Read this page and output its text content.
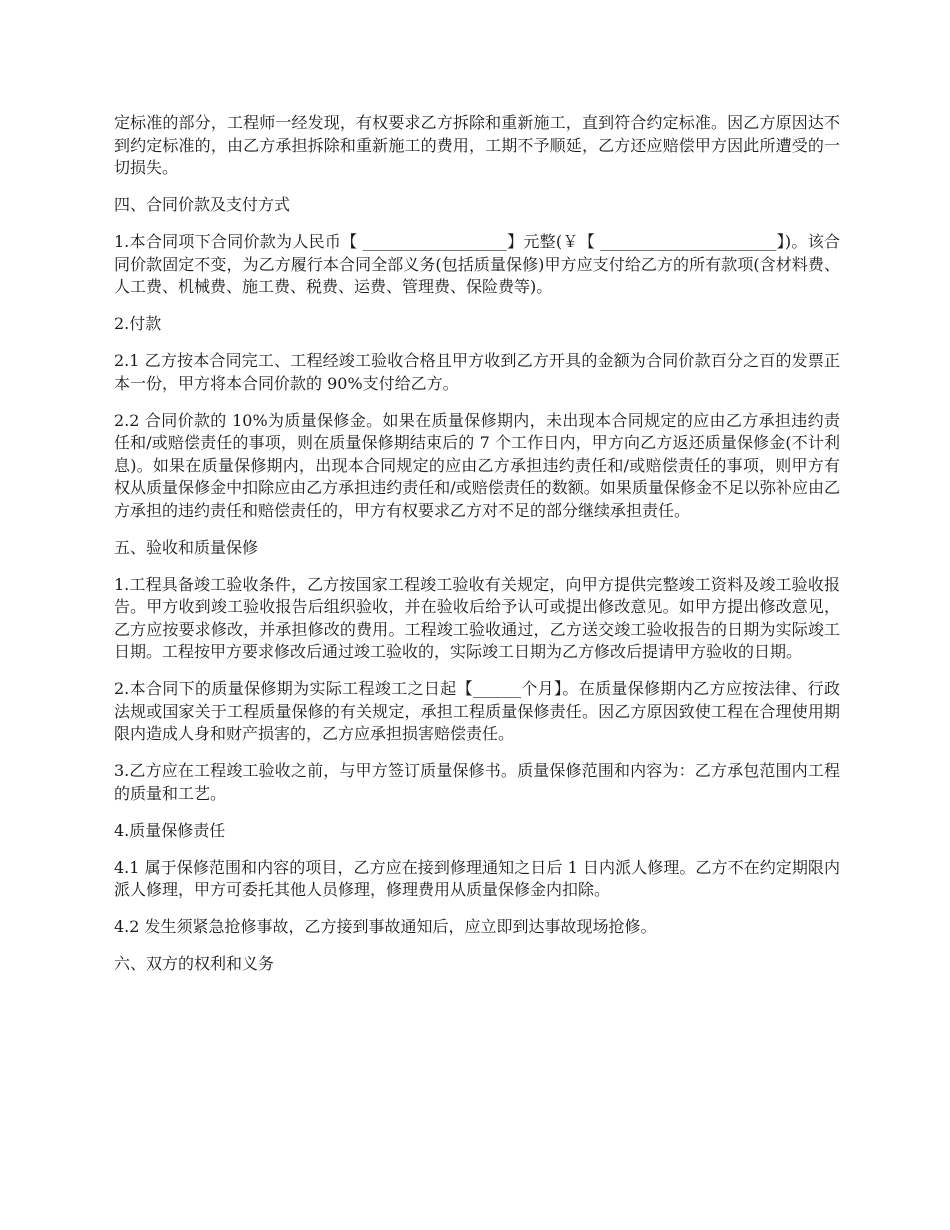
定标准的部分，工程师一经发现，有权要求乙方拆除和重新施工，直到符合约定标准。因乙方原因达不到约定标准的，由乙方承担拆除和重新施工的费用，工期不予顺延，乙方还应赔偿甲方因此所遭受的一切损失。

四、合同价款及支付方式

1.本合同项下合同价款为人民币【 __________________】元整(￥【 ______________________】)。该合同价款固定不变，为乙方履行本合同全部义务(包括质量保修)甲方应支付给乙方的所有款项(含材料费、人工费、机械费、施工费、税费、运费、管理费、保险费等)。

2.付款

2.1 乙方按本合同完工、工程经竣工验收合格且甲方收到乙方开具的金额为合同价款百分之百的发票正本一份，甲方将本合同价款的 90%支付给乙方。

2.2 合同价款的 10%为质量保修金。如果在质量保修期内，未出现本合同规定的应由乙方承担违约责任和/或赔偿责任的事项，则在质量保修期结束后的 7 个工作日内，甲方向乙方返还质量保修金(不计利息)。如果在质量保修期内，出现本合同规定的应由乙方承担违约责任和/或赔偿责任的事项，则甲方有权从质量保修金中扣除应由乙方承担违约责任和/或赔偿责任的数额。如果质量保修金不足以弥补应由乙方承担的违约责任和赔偿责任的，甲方有权要求乙方对不足的部分继续承担责任。

五、验收和质量保修

1.工程具备竣工验收条件，乙方按国家工程竣工验收有关规定，向甲方提供完整竣工资料及竣工验收报告。甲方收到竣工验收报告后组织验收，并在验收后给予认可或提出修改意见。如甲方提出修改意见，乙方应按要求修改，并承担修改的费用。工程竣工验收通过，乙方送交竣工验收报告的日期为实际竣工日期。工程按甲方要求修改后通过竣工验收的，实际竣工日期为乙方修改后提请甲方验收的日期。

2.本合同下的质量保修期为实际工程竣工之日起【______个月】。在质量保修期内乙方应按法律、行政法规或国家关于工程质量保修的有关规定，承担工程质量保修责任。因乙方原因致使工程在合理使用期限内造成人身和财产损害的，乙方应承担损害赔偿责任。

3.乙方应在工程竣工验收之前，与甲方签订质量保修书。质量保修范围和内容为：乙方承包范围内工程的质量和工艺。

4.质量保修责任

4.1 属于保修范围和内容的项目，乙方应在接到修理通知之日后 1 日内派人修理。乙方不在约定期限内派人修理，甲方可委托其他人员修理，修理费用从质量保修金内扣除。

4.2 发生须紧急抢修事故，乙方接到事故通知后，应立即到达事故现场抢修。

六、双方的权利和义务
